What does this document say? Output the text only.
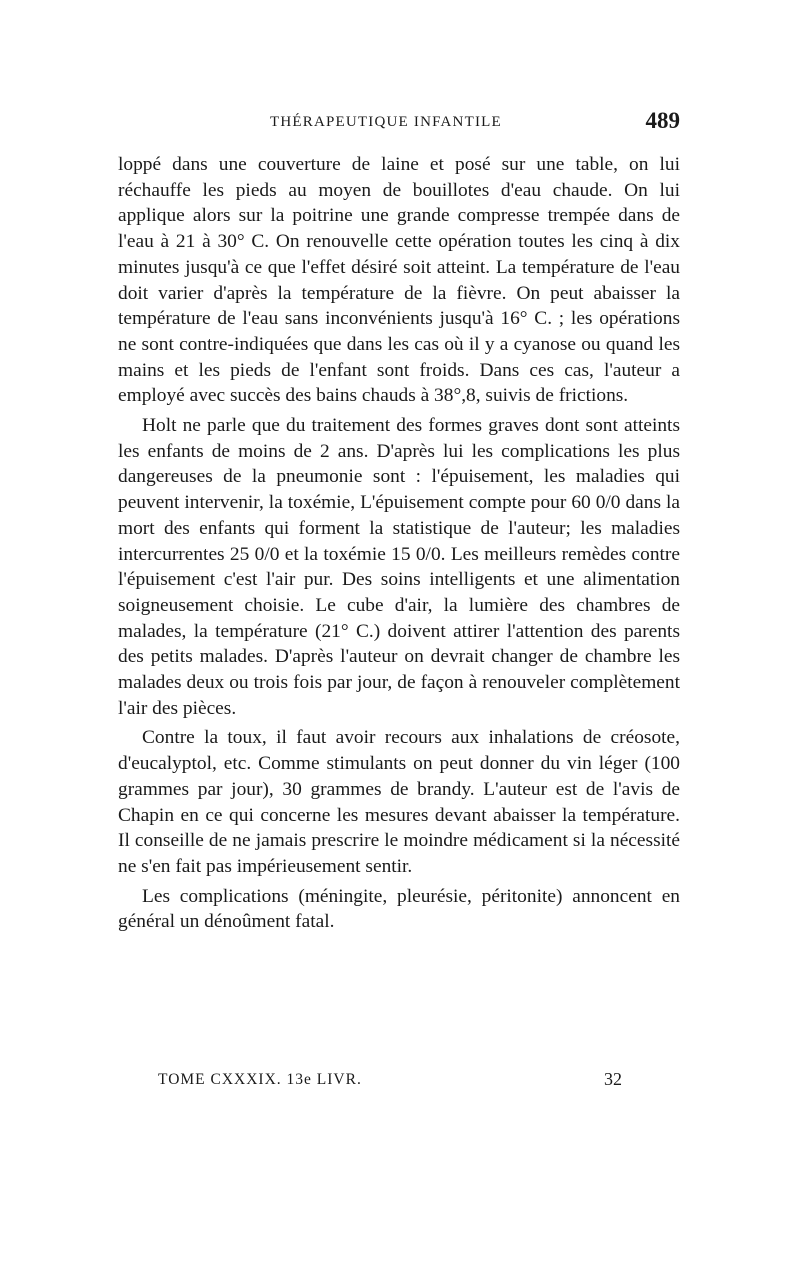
THÉRAPEUTIQUE INFANTILE	489

loppé dans une couverture de laine et posé sur une table, on lui réchauffe les pieds au moyen de bouillotes d'eau chaude. On lui applique alors sur la poitrine une grande compresse trempée dans de l'eau à 21 à 30° C. On renouvelle cette opération toutes les cinq à dix minutes jusqu'à ce que l'effet désiré soit atteint. La température de l'eau doit varier d'après la température de la fièvre. On peut abaisser la température de l'eau sans inconvénients jusqu'à 16° C. ; les opérations ne sont contre-indiquées que dans les cas où il y a cyanose ou quand les mains et les pieds de l'enfant sont froids. Dans ces cas, l'auteur a employé avec succès des bains chauds à 38°,8, suivis de frictions.

Holt ne parle que du traitement des formes graves dont sont atteints les enfants de moins de 2 ans. D'après lui les complications les plus dangereuses de la pneumonie sont : l'épuisement, les maladies qui peuvent intervenir, la toxémie, L'épuisement compte pour 60 0/0 dans la mort des enfants qui forment la statistique de l'auteur; les maladies intercurrentes 25 0/0 et la toxémie 15 0/0. Les meilleurs remèdes contre l'épuisement c'est l'air pur. Des soins intelligents et une alimentation soigneusement choisie. Le cube d'air, la lumière des chambres de malades, la température (21° C.) doivent attirer l'attention des parents des petits malades. D'après l'auteur on devrait changer de chambre les malades deux ou trois fois par jour, de façon à renouveler complètement l'air des pièces.

Contre la toux, il faut avoir recours aux inhalations de créosote, d'eucalyptol, etc. Comme stimulants on peut donner du vin léger (100 grammes par jour), 30 grammes de brandy. L'auteur est de l'avis de Chapin en ce qui concerne les mesures devant abaisser la température. Il conseille de ne jamais prescrire le moindre médicament si la nécessité ne s'en fait pas impérieusement sentir.

Les complications (méningite, pleurésie, péritonite) annoncent en général un dénoûment fatal.

TOME CXXXIX. 13e LIVR.	32
